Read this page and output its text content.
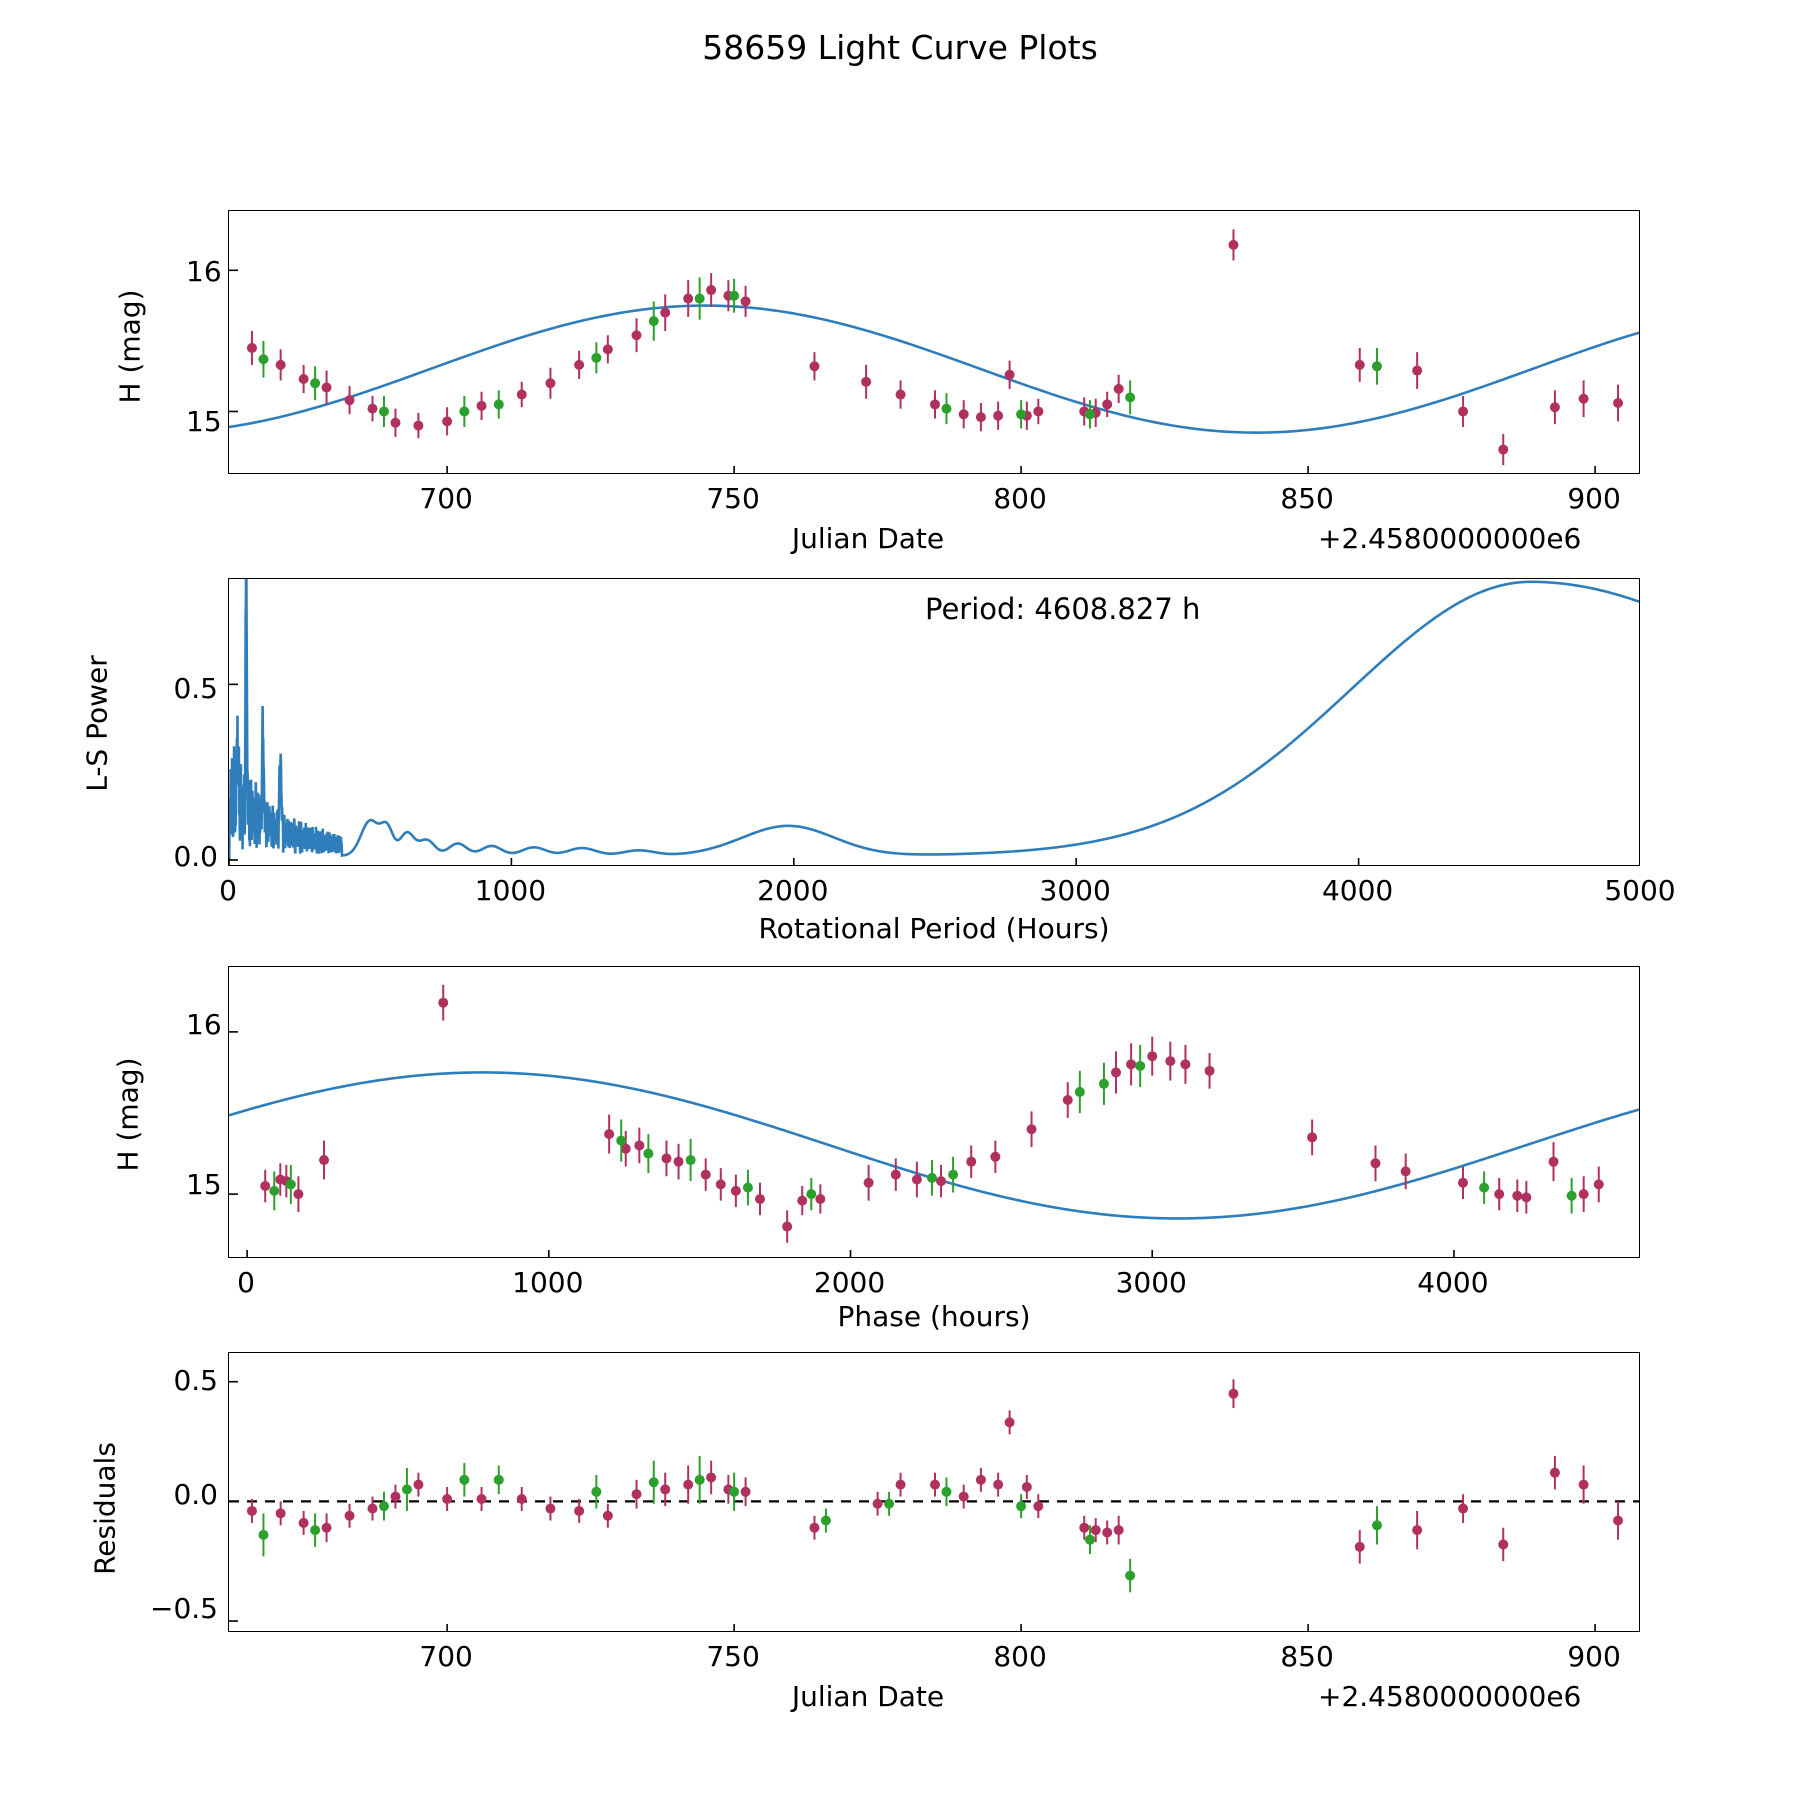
58659 Light Curve Plots
H (mag)
15
16
Julian Date	+2.4580000000e6
L-S Power
0.0
0.5
Rotational Period (Hours)
Period: 4608.827 h
H (mag)
15
16
Phase (hours)
Residuals
−0.5
0.0
0.5
Julian Date	+2.4580000000e6
700	750	800	850	900
0	1000	2000	3000	4000	5000
0	1000	2000	3000	4000
700	750	800	850	900
